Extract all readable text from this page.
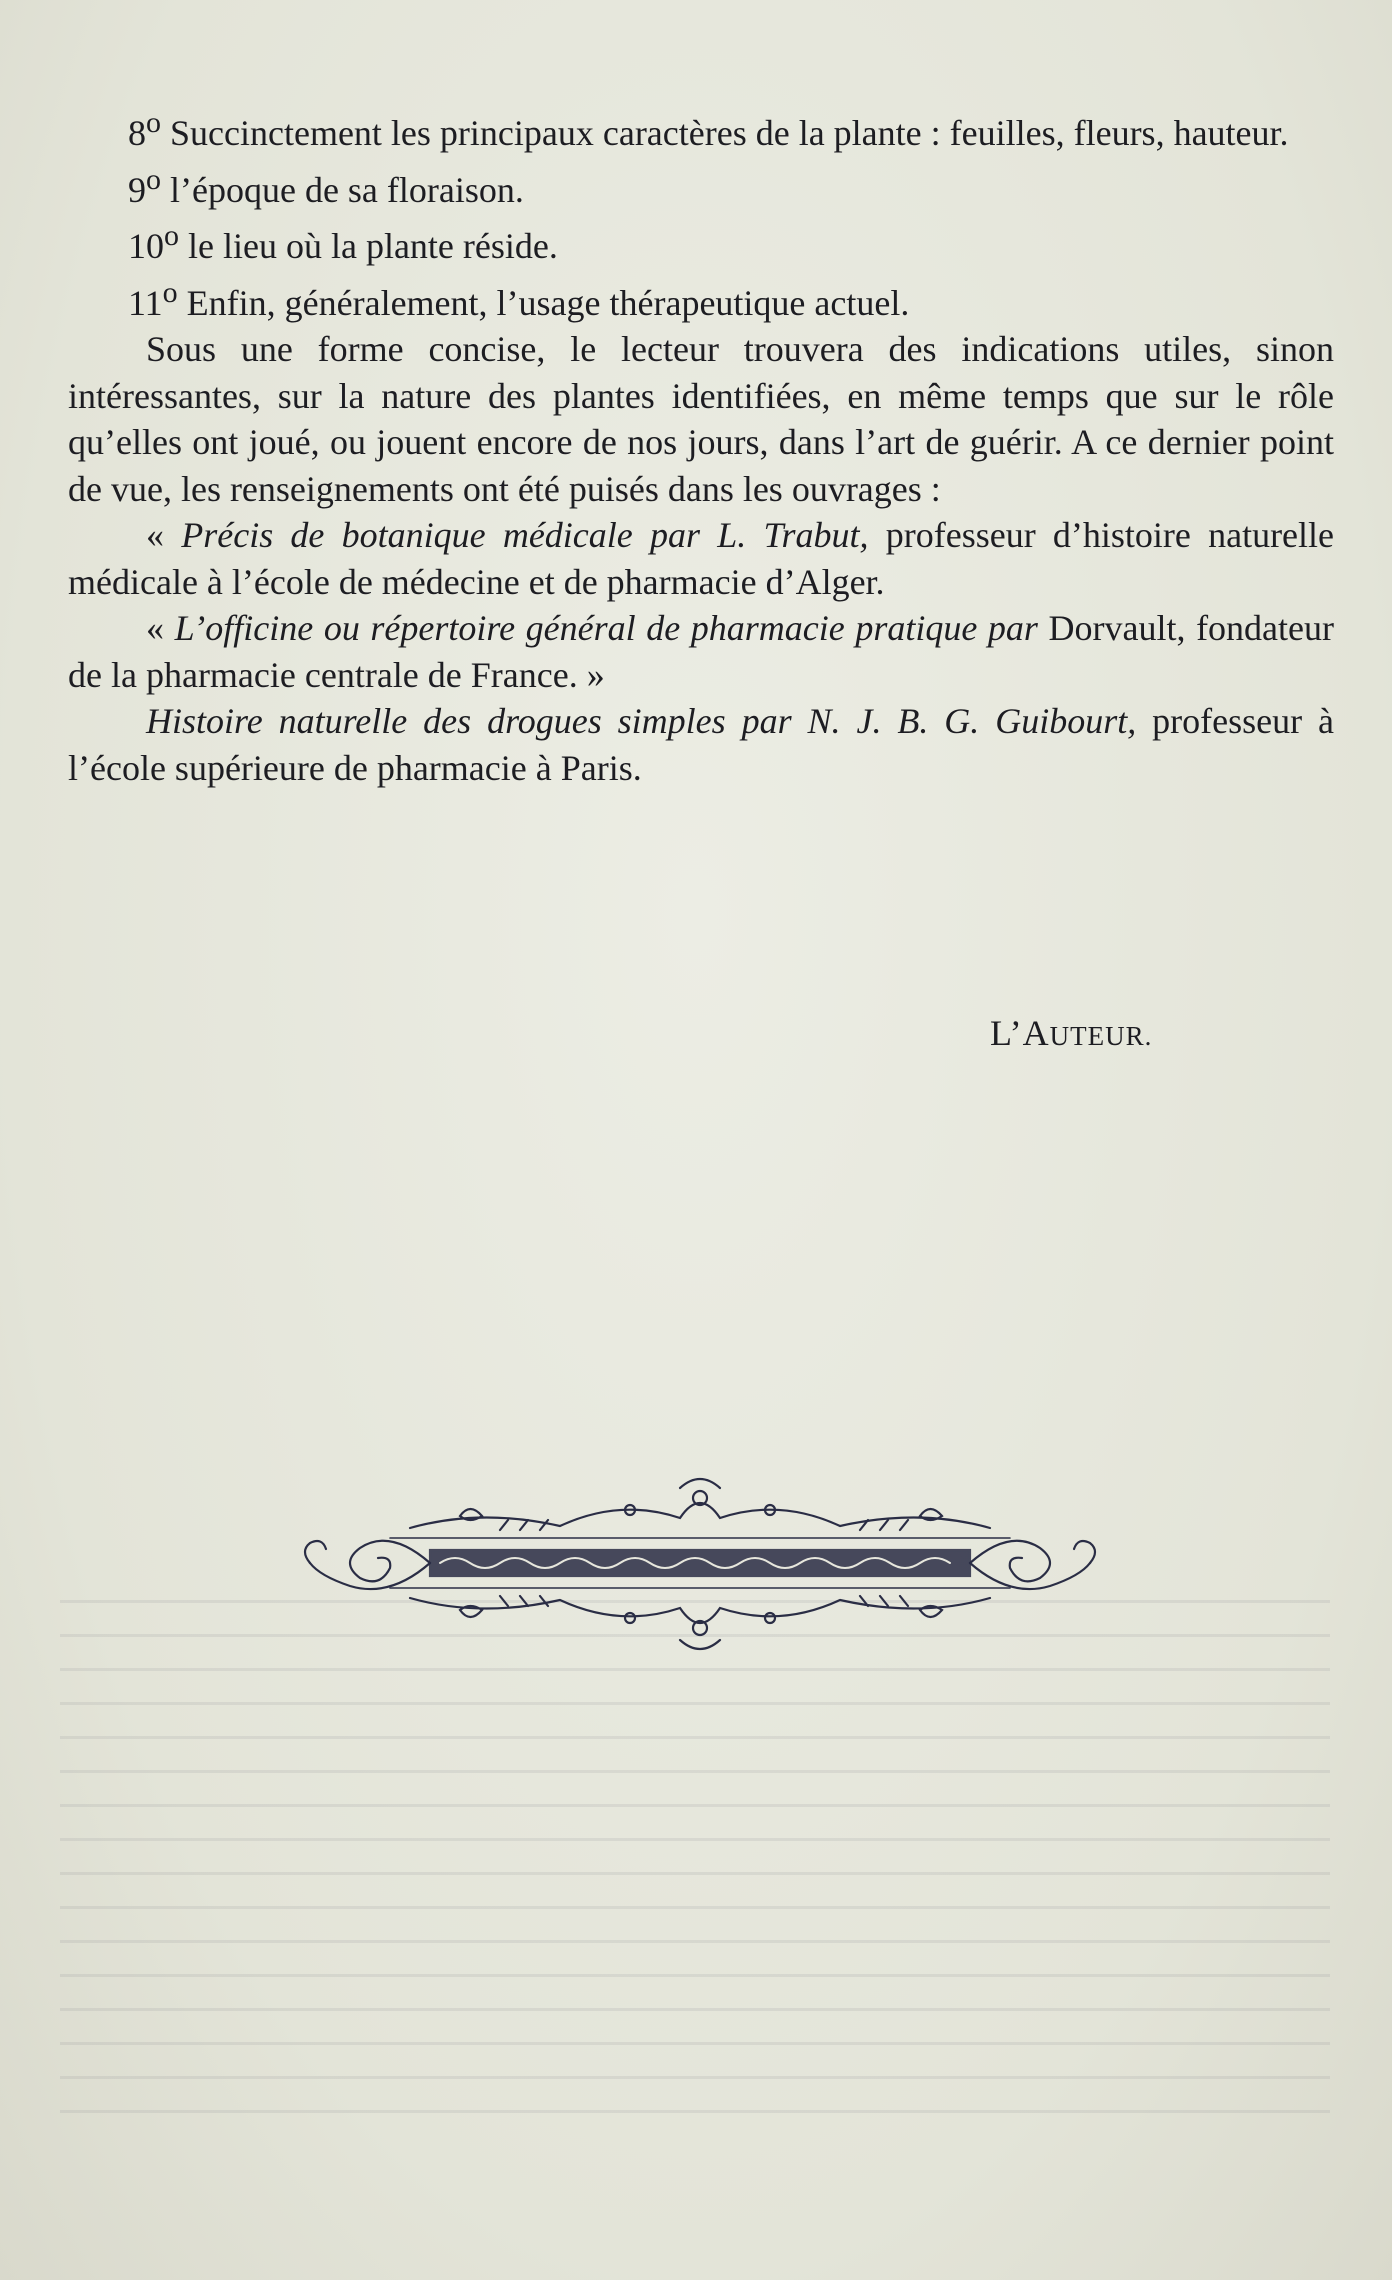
8$^o$ Succinctement les principaux caractères de la plante : feuilles, fleurs, hauteur.

9$^o$ l’époque de sa floraison.

10$^o$ le lieu où la plante réside.

11$^o$ Enfin, généralement, l’usage thérapeutique actuel.

Sous une forme concise, le lecteur trouvera des indications utiles, sinon intéressantes, sur la nature des plantes identifiées, en même temps que sur le rôle qu’elles ont joué, ou jouent encore de nos jours, dans l’art de guérir. A ce dernier point de vue, les renseignements ont été puisés dans les ouvrages :

« Précis de botanique médicale par L. Trabut, professeur d’histoire naturelle médicale à l’école de médecine et de pharmacie d’Alger.

« L’officine ou répertoire général de pharmacie pratique par Dorvault, fondateur de la pharmacie centrale de France. »

Histoire naturelle des drogues simples par N. J. B. G. Guibourt, professeur à l’école supérieure de pharmacie à Paris.

L’AUTEUR.
